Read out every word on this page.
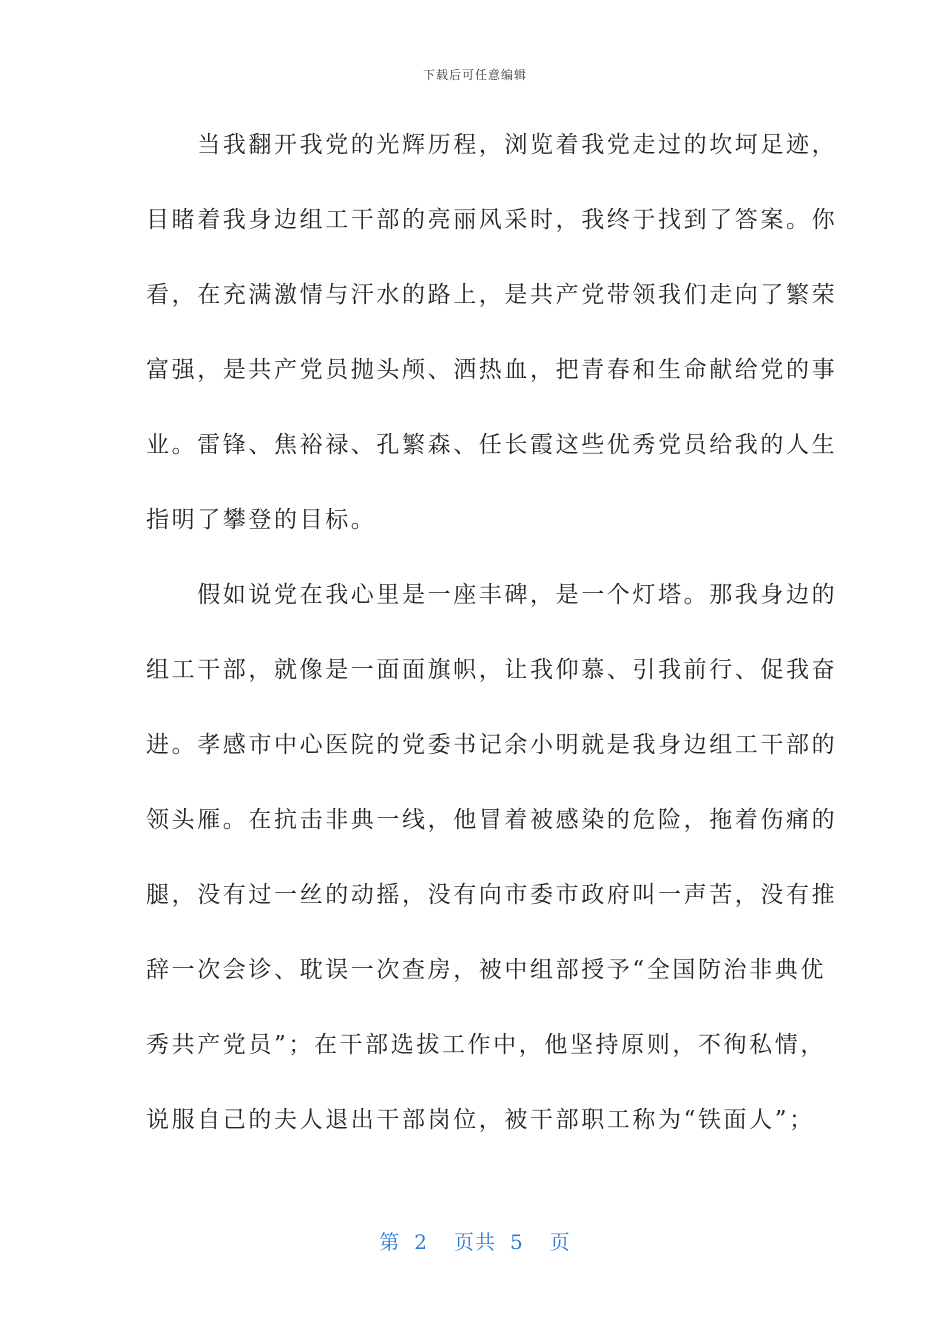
下载后可任意编辑
　　当我翻开我党的光辉历程，浏览着我党走过的坎坷足迹，
目睹着我身边组工干部的亮丽风采时，我终于找到了答案。你
看，在充满激情与汗水的路上，是共产党带领我们走向了繁荣
富强，是共产党员抛头颅、洒热血，把青春和生命献给党的事
业。雷锋、焦裕禄、孔繁森、任长霞这些优秀党员给我的人生
指明了攀登的目标。
　　假如说党在我心里是一座丰碑，是一个灯塔。那我身边的
组工干部，就像是一面面旗帜，让我仰慕、引我前行、促我奋
进。孝感市中心医院的党委书记余小明就是我身边组工干部的
领头雁。在抗击非典一线，他冒着被感染的危险，拖着伤痛的
腿，没有过一丝的动摇，没有向市委市政府叫一声苦，没有推
辞一次会诊、耽误一次查房，被中组部授予“全国防治非典优
秀共产党员”；在干部选拔工作中，他坚持原则，不徇私情，
说服自己的夫人退出干部岗位，被干部职工称为“铁面人”；
第 2 页共 5 页
